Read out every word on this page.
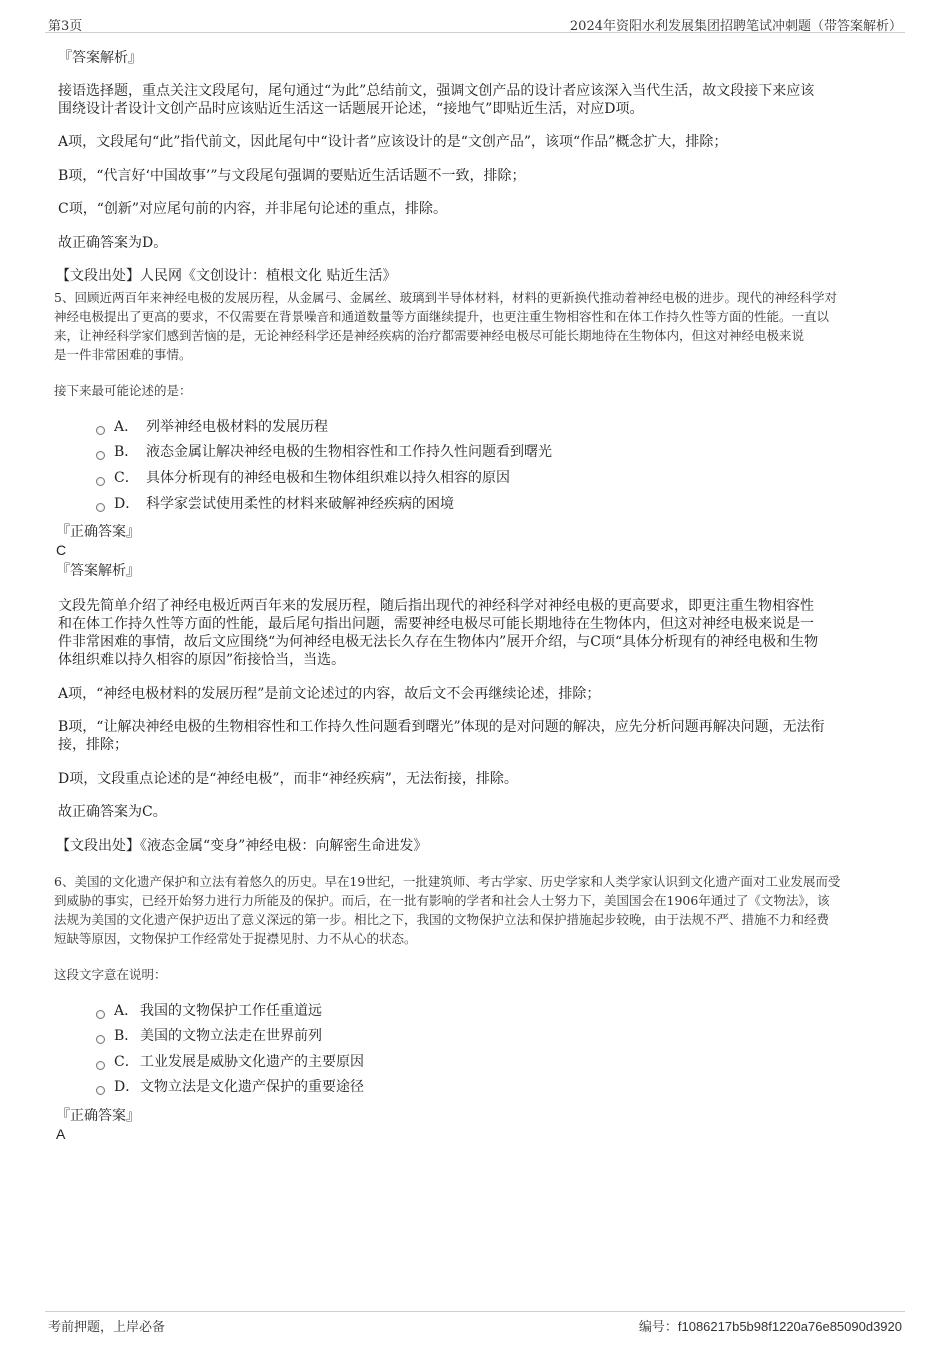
第3页	2024年资阳水利发展集团招聘笔试冲刺题（带答案解析）
『答案解析』
接语选择题，重点关注文段尾句，尾句通过“为此”总结前文，强调文创产品的设计者应该深入当代生活，故文段接下来应该
围绕设计者设计文创产品时应该贴近生活这一话题展开论述，“接地气”即贴近生活，对应D项。
A项，文段尾句“此”指代前文，因此尾句中“设计者”应该设计的是“文创产品”，该项“作品”概念扩大，排除；
B项，“代言好‘中国故事’”与文段尾句强调的要贴近生活话题不一致，排除；
C项，“创新”对应尾句前的内容，并非尾句论述的重点，排除。
故正确答案为D。
【文段出处】人民网《文创设计：植根文化 贴近生活》
5、回顾近两百年来神经电极的发展历程，从金属弓、金属丝、玻璃到半导体材料，材料的更新换代推动着神经电极的进步。现代的神经科学对
神经电极提出了更高的要求，不仅需要在背景噪音和通道数量等方面继续提升，也更注重生物相容性和在体工作持久性等方面的性能。一直以
来，让神经科学家们感到苦恼的是，无论神经科学还是神经疾病的治疗都需要神经电极尽可能长期地待在生物体内，但这对神经电极来说
是一件非常困难的事情。
接下来最可能论述的是：
A． 列举神经电极材料的发展历程
B． 液态金属让解决神经电极的生物相容性和工作持久性问题看到曙光
C． 具体分析现有的神经电极和生物体组织难以持久相容的原因
D． 科学家尝试使用柔性的材料来破解神经疾病的困境
『正确答案』
C
『答案解析』
文段先简单介绍了神经电极近两百年来的发展历程，随后指出现代的神经科学对神经电极的更高要求，即更注重生物相容性
和在体工作持久性等方面的性能，最后尾句指出问题，需要神经电极尽可能长期地待在生物体内，但这对神经电极来说是一
件非常困难的事情，故后文应围绕“为何神经电极无法长久存在生物体内”展开介绍，与C项“具体分析现有的神经电极和生物
体组织难以持久相容的原因”衔接恰当，当选。
A项，“神经电极材料的发展历程”是前文论述过的内容，故后文不会再继续论述，排除；
B项，“让解决神经电极的生物相容性和工作持久性问题看到曙光”体现的是对问题的解决，应先分析问题再解决问题，无法衔
接，排除；
D项，文段重点论述的是“神经电极”，而非“神经疾病”，无法衔接，排除。
故正确答案为C。
【文段出处】《液态金属“变身”神经电极：向解密生命进发》
6、美国的文化遗产保护和立法有着悠久的历史。早在19世纪，一批建筑师、考古学家、历史学家和人类学家认识到文化遗产面对工业发展而受
到威胁的事实，已经开始努力进行力所能及的保护。而后，在一批有影响的学者和社会人士努力下，美国国会在1906年通过了《文物法》，该
法规为美国的文化遗产保护迈出了意义深远的第一步。相比之下，我国的文物保护立法和保护措施起步较晚，由于法规不严、措施不力和经费
短缺等原因，文物保护工作经常处于捉襟见肘、力不从心的状态。
这段文字意在说明：
A． 我国的文物保护工作任重道远
B． 美国的文物立法走在世界前列
C． 工业发展是威胁文化遗产的主要原因
D． 文物立法是文化遗产保护的重要途径
『正确答案』
A
考前押题，上岸必备	编号：f1086217b5b98f1220a76e85090d3920
